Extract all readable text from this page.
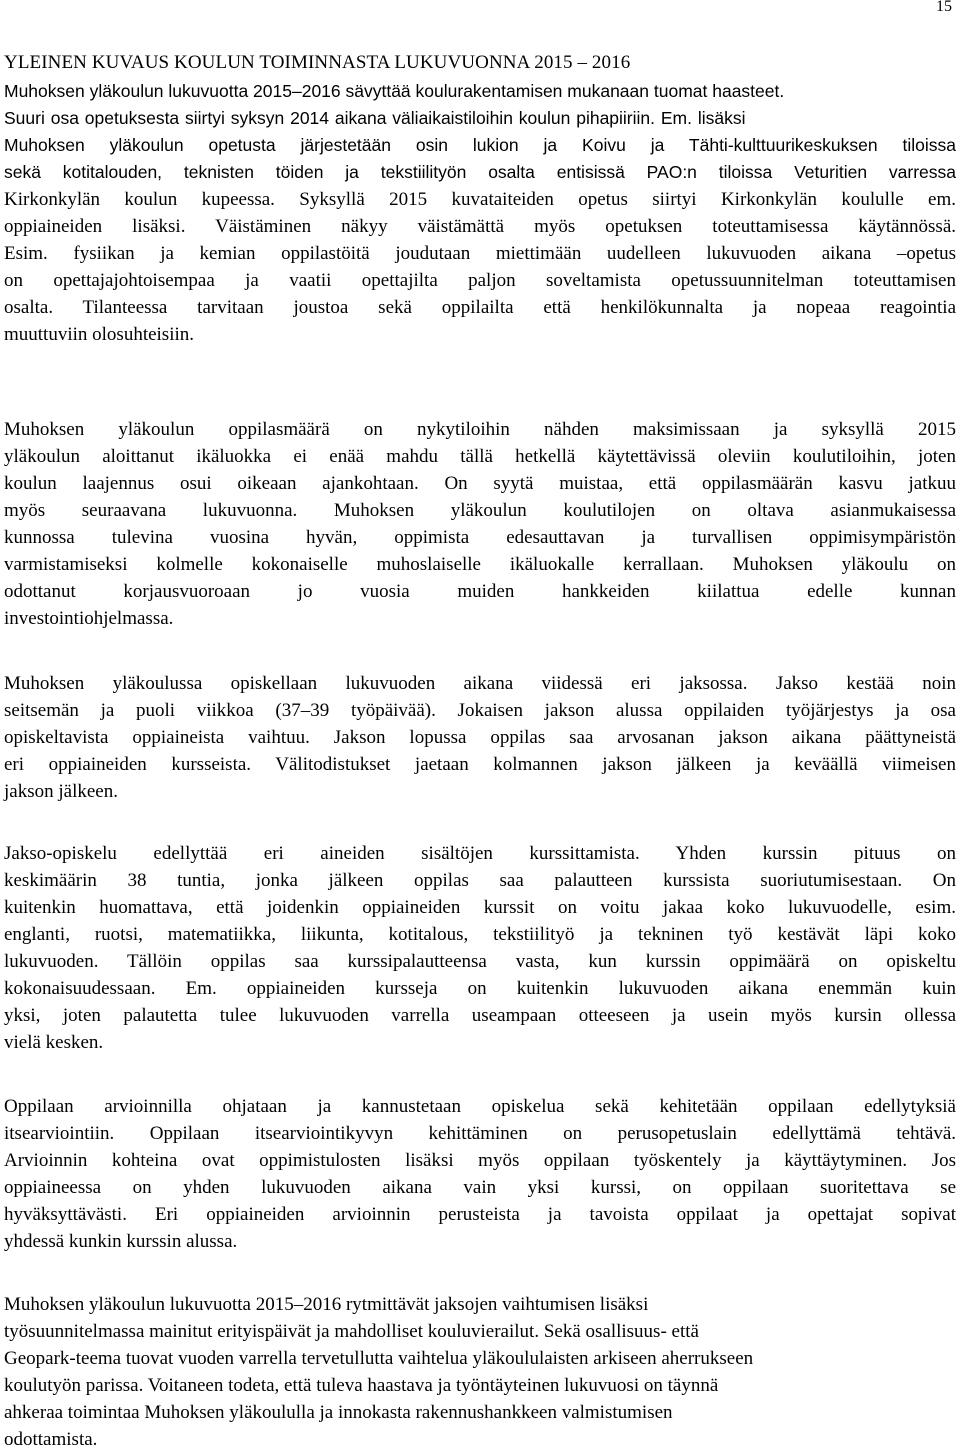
15
YLEINEN KUVAUS KOULUN TOIMINNASTA LUKUVUONNA 2015 – 2016
Muhoksen yläkoulun lukuvuotta 2015–2016 sävyttää koulurakentamisen mukanaan tuomat haasteet.
Suuri osa opetuksesta siirtyi syksyn 2014 aikana väliaikaistiloihin koulun pihapiiriin. Em. lisäksi
Muhoksen yläkoulun opetusta järjestetään osin lukion ja Koivu ja Tähti-kulttuurikeskuksen tiloissa
sekä kotitalouden, teknisten töiden ja tekstiilityön osalta entisissä PAO:n tiloissa Veturitien varressa
Kirkonkylän koulun kupeessa. Syksyllä 2015 kuvataiteiden opetus siirtyi Kirkonkylän koululle em.
oppiaineiden lisäksi. Väistäminen näkyy väistämättä myös opetuksen toteuttamisessa käytännössä.
Esim. fysiikan ja kemian oppilastöitä joudutaan miettimään uudelleen lukuvuoden aikana –opetus
on opettajajohtoisempaa ja vaatii opettajilta paljon soveltamista opetussuunnitelman toteuttamisen
osalta. Tilanteessa tarvitaan joustoa sekä oppilailta että henkilökunnalta ja nopeaa reagointia
muuttuviin olosuhteisiin.
Muhoksen yläkoulun oppilasmäärä on nykytiloihin nähden maksimissaan ja syksyllä 2015
yläkoulun aloittanut ikäluokka ei enää mahdu tällä hetkellä käytettävissä oleviin koulutiloihin, joten
koulun laajennus osui oikeaan ajankohtaan. On syytä muistaa, että oppilasmäärän kasvu jatkuu
myös seuraavana lukuvuonna. Muhoksen yläkoulun koulutilojen on oltava asianmukaisessa
kunnossa tulevina vuosina hyvän, oppimista edesauttavan ja turvallisen oppimisympäristön
varmistamiseksi kolmelle kokonaiselle muhoslaiselle ikäluokalle kerrallaan. Muhoksen yläkoulu on
odottanut korjausvuoroaan jo vuosia muiden hankkeiden kiilattua edelle kunnan
investointiohjelmassa.
Muhoksen yläkoulussa opiskellaan lukuvuoden aikana viidessä eri jaksossa. Jakso kestää noin
seitsemän ja puoli viikkoa (37–39 työpäivää). Jokaisen jakson alussa oppilaiden työjärjestys ja osa
opiskeltavista oppiaineista vaihtuu. Jakson lopussa oppilas saa arvosanan jakson aikana päättyneistä
eri oppiaineiden kursseista. Välitodistukset jaetaan kolmannen jakson jälkeen ja keväällä viimeisen
jakson jälkeen.
Jakso-opiskelu edellyttää eri aineiden sisältöjen kurssittamista. Yhden kurssin pituus on
keskimäärin 38 tuntia, jonka jälkeen oppilas saa palautteen kurssista suoriutumisestaan. On
kuitenkin huomattava, että joidenkin oppiaineiden kurssit on voitu jakaa koko lukuvuodelle, esim.
englanti, ruotsi, matematiikka, liikunta, kotitalous, tekstiilityö ja tekninen työ kestävät läpi koko
lukuvuoden. Tällöin oppilas saa kurssipalautteensa vasta, kun kurssin oppimäärä on opiskeltu
kokonaisuudessaan. Em. oppiaineiden kursseja on kuitenkin lukuvuoden aikana enemmän kuin
yksi, joten palautetta tulee lukuvuoden varrella useampaan otteeseen ja usein myös kursin ollessa
vielä kesken.
Oppilaan arvioinnilla ohjataan ja kannustetaan opiskelua sekä kehitetään oppilaan edellytyksiä
itsearviointiin. Oppilaan itsearviointikyvyn kehittäminen on perusopetuslain edellyttämä tehtävä.
Arvioinnin kohteina ovat oppimistulosten lisäksi myös oppilaan työskentely ja käyttäytyminen. Jos
oppiaineessa on yhden lukuvuoden aikana vain yksi kurssi, on oppilaan suoritettava se
hyväksyttävästi. Eri oppiaineiden arvioinnin perusteista ja tavoista oppilaat ja opettajat sopivat
yhdessä kunkin kurssin alussa.
Muhoksen yläkoulun lukuvuotta 2015–2016 rytmittävät jaksojen vaihtumisen lisäksi
työsuunnitelmassa mainitut erityispäivät ja mahdolliset kouluvierailut. Sekä osallisuus- että
Geopark-teema tuovat vuoden varrella tervetullutta vaihtelua yläkoululaisten arkiseen aherrukseen
koulutyön parissa. Voitaneen todeta, että tuleva haastava ja työntäyteinen lukuvuosi on täynnä
ahkeraa toimintaa Muhoksen yläkoululla ja innokasta rakennushankkeen valmistumisen
odottamista.
